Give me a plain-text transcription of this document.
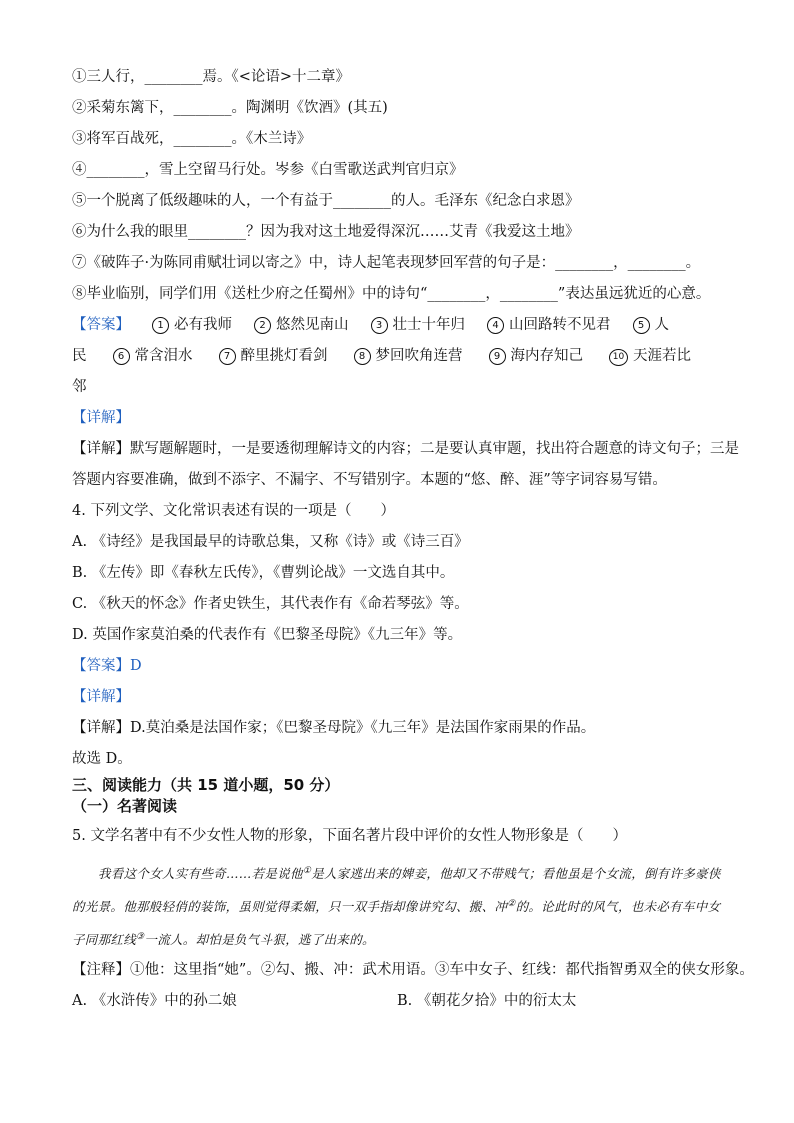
①三人行，________焉。《<论语>十二章》
②采菊东篱下，________。陶渊明《饮酒》(其五)
③将军百战死，________。《木兰诗》
④________，雪上空留马行处。岑参《白雪歌送武判官归京》
⑤一个脱离了低级趣味的人，一个有益于________的人。毛泽东《纪念白求恩》
⑥为什么我的眼里________？因为我对这土地爱得深沉……艾青《我爱这土地》
⑦《破阵子·为陈同甫赋壮词以寄之》中，诗人起笔表现梦回军营的句子是：________，________。
⑧毕业临别，同学们用《送杜少府之任蜀州》中的诗句“________，________”表达虽远犹近的心意。
【答案】	1 必有我师	2 悠然见南山	3 壮士十年归	4 山回路转不见君	5 人
民	6 常含泪水	7 醉里挑灯看剑	8 梦回吹角连营	9 海内存知己	10 天涯若比
邻
【详解】
【详解】默写题解题时，一是要透彻理解诗文的内容；二是要认真审题，找出符合题意的诗文句子；三是
答题内容要准确，做到不添字、不漏字、不写错别字。本题的“悠、醉、涯”等字词容易写错。
4. 下列文学、文化常识表述有误的一项是（　　）
A. 《诗经》是我国最早的诗歌总集，又称《诗》或《诗三百》
B. 《左传》即《春秋左氏传》，《曹刿论战》一文选自其中。
C. 《秋天的怀念》作者史铁生，其代表作有《命若琴弦》等。
D. 英国作家莫泊桑的代表作有《巴黎圣母院》《九三年》等。
【答案】D
【详解】
【详解】D.莫泊桑是法国作家；《巴黎圣母院》《九三年》是法国作家雨果的作品。
故选 D。
三、阅读能力（共 15 道小题，50 分）
（一）名著阅读
5. 文学名著中有不少女性人物的形象，下面名著片段中评价的女性人物形象是（　　）
我看这个女人实有些奇……若是说他①是人家逃出来的婢妾，他却又不带贱气；看他虽是个女流，倒有许多豪侠的光景。他那般轻俏的装饰，虽则觉得柔媚，只一双手指却像讲究勾、搬、冲②的。论此时的风气，也未必有车中女子同那红线③一流人。却怕是负气斗狠，逃了出来的。
【注释】①他：这里指“她”。②勾、搬、冲：武术用语。③车中女子、红线：都代指智勇双全的侠女形象。
A. 《水浒传》中的孙二娘	B. 《朝花夕拾》中的衍太太
